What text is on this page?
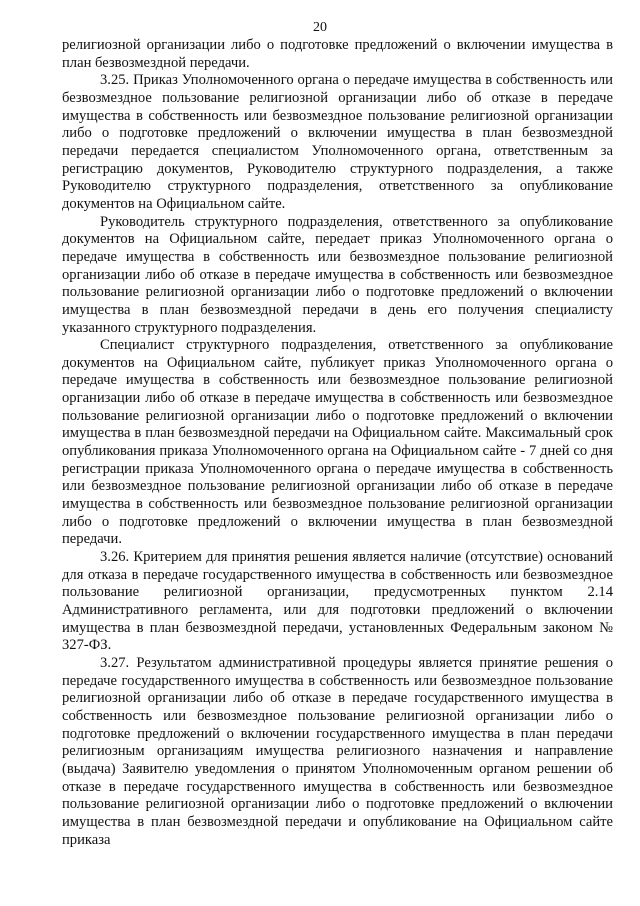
20

религиозной организации либо о подготовке предложений о включении имущества в план безвозмездной передачи.

3.25. Приказ Уполномоченного органа о передаче имущества в собственность или безвозмездное пользование религиозной организации либо об отказе в передаче имущества в собственность или безвозмездное пользование религиозной организации либо о подготовке предложений о включении имущества в план безвозмездной передачи передается специалистом Уполномоченного органа, ответственным за регистрацию документов, Руководителю структурного подразделения, а также Руководителю структурного подразделения, ответственного за опубликование документов на Официальном сайте.

Руководитель структурного подразделения, ответственного за опубликование документов на Официальном сайте, передает приказ Уполномоченного органа о передаче имущества в собственность или безвозмездное пользование религиозной организации либо об отказе в передаче имущества в собственность или безвозмездное пользование религиозной организации либо о подготовке предложений о включении имущества в план безвозмездной передачи в день его получения специалисту указанного структурного подразделения.

Специалист структурного подразделения, ответственного за опубликование документов на Официальном сайте, публикует приказ Уполномоченного органа о передаче имущества в собственность или безвозмездное пользование религиозной организации либо об отказе в передаче имущества в собственность или безвозмездное пользование религиозной организации либо о подготовке предложений о включении имущества в план безвозмездной передачи на Официальном сайте. Максимальный срок опубликования приказа Уполномоченного органа на Официальном сайте - 7 дней со дня регистрации приказа Уполномоченного органа о передаче имущества в собственность или безвозмездное пользование религиозной организации либо об отказе в передаче имущества в собственность или безвозмездное пользование религиозной организации либо о подготовке предложений о включении имущества в план безвозмездной передачи.

3.26. Критерием для принятия решения является наличие (отсутствие) оснований для отказа в передаче государственного имущества в собственность или безвозмездное пользование религиозной организации, предусмотренных пунктом 2.14 Административного регламента, или для подготовки предложений о включении имущества в план безвозмездной передачи, установленных Федеральным законом № 327-ФЗ.

3.27. Результатом административной процедуры является принятие решения о передаче государственного имущества в собственность или безвозмездное пользование религиозной организации либо об отказе в передаче государственного имущества в собственность или безвозмездное пользование религиозной организации либо о подготовке предложений о включении государственного имущества в план передачи религиозным организациям имущества религиозного назначения и направление (выдача) Заявителю уведомления о принятом Уполномоченным органом решении об отказе в передаче государственного имущества в собственность или безвозмездное пользование религиозной организации либо о подготовке предложений о включении имущества в план безвозмездной передачи и опубликование на Официальном сайте приказа
